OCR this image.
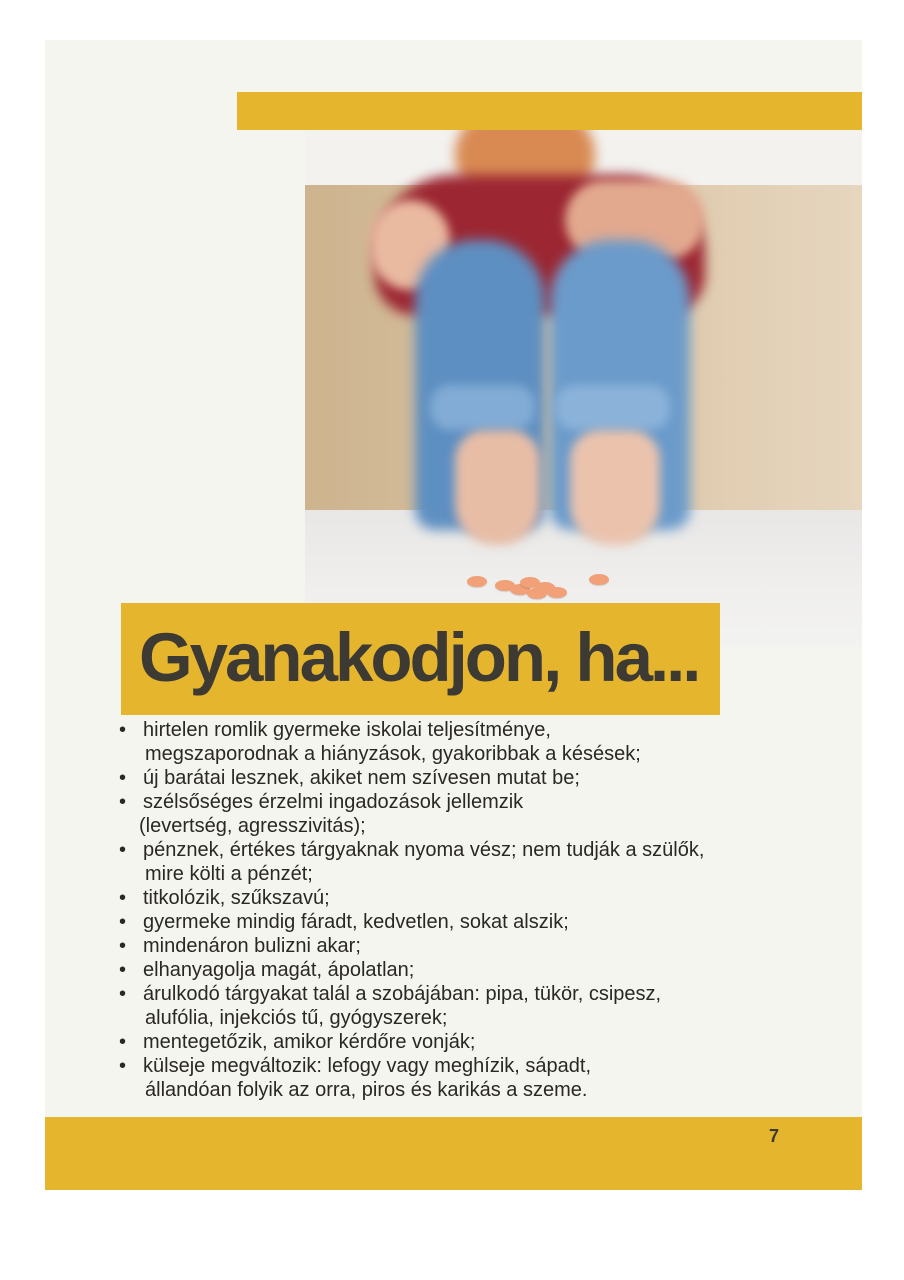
Gyanakodjon, ha...
• hirtelen romlik gyermeke iskolai teljesítménye,
megszaporodnak a hiányzások, gyakoribbak a késések;
• új barátai lesznek, akiket nem szívesen mutat be;
• szélsőséges érzelmi ingadozások jellemzik
(levertség, agresszivitás);
• pénznek, értékes tárgyaknak nyoma vész; nem tudják a szülők,
mire költi a pénzét;
• titkolózik, szűkszavú;
• gyermeke mindig fáradt, kedvetlen, sokat alszik;
• mindenáron bulizni akar;
• elhanyagolja magát, ápolatlan;
• árulkodó tárgyakat talál a szobájában: pipa, tükör, csipesz,
alufólia, injekciós tű, gyógyszerek;
• mentegetőzik, amikor kérdőre vonják;
• külseje megváltozik: lefogy vagy meghízik, sápadt,
állandóan folyik az orra, piros és karikás a szeme.
7
